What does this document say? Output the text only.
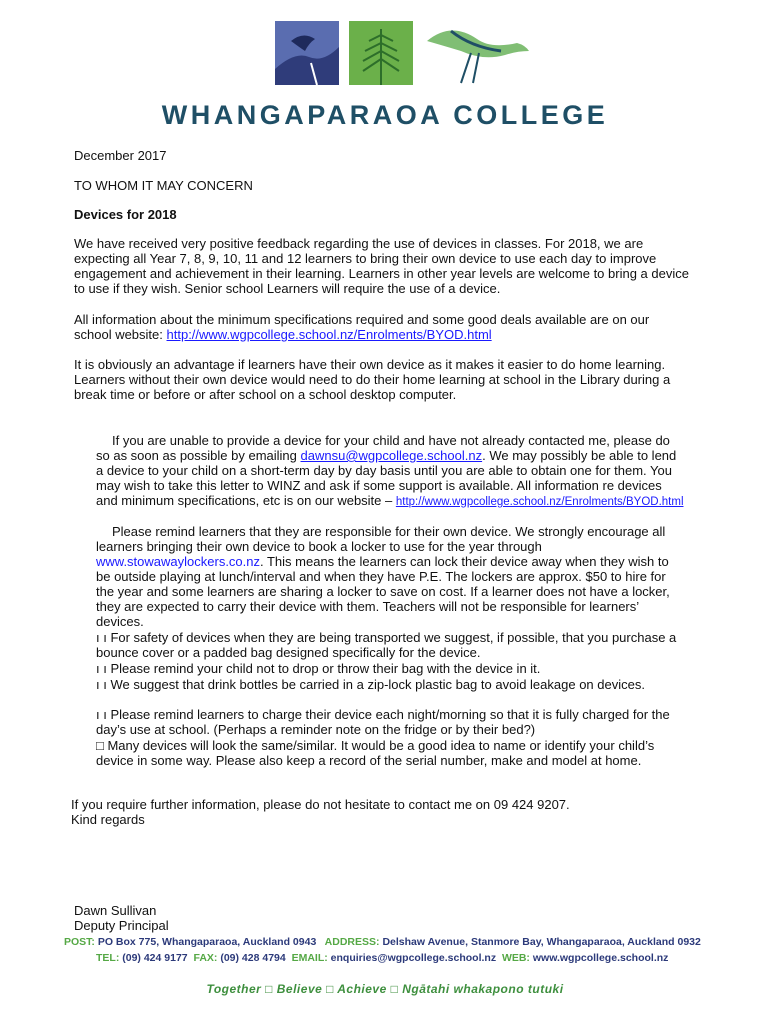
WHANGAPARAOA COLLEGE

December 2017

TO WHOM IT MAY CONCERN

Devices for 2018

We have received very positive feedback regarding the use of devices in classes. For 2018, we are expecting all Year 7, 8, 9, 10, 11 and 12 learners to bring their own device to use each day to improve engagement and achievement in their learning. Learners in other year levels are welcome to bring a device to use if they wish. Senior school Learners will require the use of a device.

All information about the minimum specifications required and some good deals available are on our school website: http://www.wgpcollege.school.nz/Enrolments/BYOD.html

It is obviously an advantage if learners have their own device as it makes it easier to do home learning. Learners without their own device would need to do their home learning at school in the Library during a break time or before or after school on a school desktop computer.

If you are unable to provide a device for your child and have not already contacted me, please do so as soon as possible by emailing dawnsu@wgpcollege.school.nz. We may possibly be able to lend a device to your child on a short-term day by day basis until you are able to obtain one for them. You may wish to take this letter to WINZ and ask if some support is available. All information re devices and minimum specifications, etc is on our website – http://www.wgpcollege.school.nz/Enrolments/BYOD.html

Please remind learners that they are responsible for their own device. We strongly encourage all learners bringing their own device to book a locker to use for the year through www.stowawaylockers.co.nz. This means the learners can lock their device away when they wish to be outside playing at lunch/interval and when they have P.E. The lockers are approx. $50 to hire for the year and some learners are sharing a locker to save on cost. If a learner does not have a locker, they are expected to carry their device with them. Teachers will not be responsible for learners’ devices.

ı ı For safety of devices when they are being transported we suggest, if possible, that you purchase a bounce cover or a padded bag designed specifically for the device.

ı ı Please remind your child not to drop or throw their bag with the device in it.

ı ı We suggest that drink bottles be carried in a zip-lock plastic bag to avoid leakage on devices.

ı ı Please remind learners to charge their device each night/morning so that it is fully charged for the day’s use at school. (Perhaps a reminder note on the fridge or by their bed?)

□ Many devices will look the same/similar. It would be a good idea to name or identify your child’s device in some way. Please also keep a record of the serial number, make and model at home.

If you require further information, please do not hesitate to contact me on 09 424 9207.

Kind regards

Dawn Sullivan

Deputy Principal

POST: PO Box 775, Whangaparaoa, Auckland 0943 ADDRESS: Delshaw Avenue, Stanmore Bay, Whangaparaoa, Auckland 0932
TEL: (09) 424 9177 FAX: (09) 428 4794 EMAIL: enquiries@wgpcollege.school.nz WEB: www.wgpcollege.school.nz
Together □ Believe □ Achieve □ Ngātahi whakapono tutuki
